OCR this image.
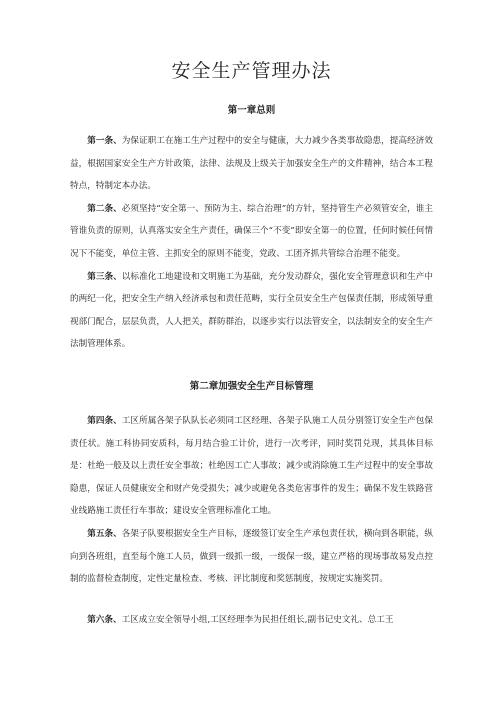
安全生产管理办法
第一章总则

第一条、为保证职工在施工生产过程中的安全与健康，大力减少各类事故隐患，提高经济效益，根据国家安全生产方针政策，法律、法规及上级关于加强安全生产的文件精神，结合本工程特点，特制定本办法。

第二条、必须坚持“安全第一、预防为主、综合治理”的方针，坚持管生产必须管安全，谁主管谁负责的原则，认真落实安全生产责任，确保三个“不变”即安全第一的位置，任何时候任何情况下不能变，单位主管、主抓安全的原则不能变，党政、工团齐抓共管综合治理不能变。

第三条、以标准化工地建设和文明施工为基础，充分发动群众，强化安全管理意识和生产中的两纪一化，把安全生产纳入经济承包和责任范畴，实行全员安全生产包保责任制，形成领导重视部门配合，层层负责，人人把关，群防群治，以逐步实行以法管安全，以法制安全的安全生产法制管理体系。

第二章加强安全生产目标管理

第四条、工区所属各架子队队长必须同工区经理、各架子队施工人员分别签订安全生产包保责任状。施工科协同安质科，每月结合验工计价，进行一次考评，同时奖罚兑现，其具体目标是：杜绝一般及以上责任安全事故；杜绝因工亡人事故；减少或消除施工生产过程中的安全事故隐患，保证人员健康安全和财产免受损失；减少或避免各类危害事件的发生；确保不发生铁路营业线路施工责任行车事故；建设安全管理标准化工地。

第五条、各架子队要根据安全生产目标，逐级签订安全生产承包责任状，横向到各职能，纵向到各班组，直至每个施工人员，做到一级抓一级，一级保一级，建立严格的现场事故易发点控制的监督检查制度，定性定量检查、考核、评比制度和奖惩制度，按规定实施奖罚。

第六条、工区成立安全领导小组,工区经理李为民担任组长,副书记史文礼、总工王
